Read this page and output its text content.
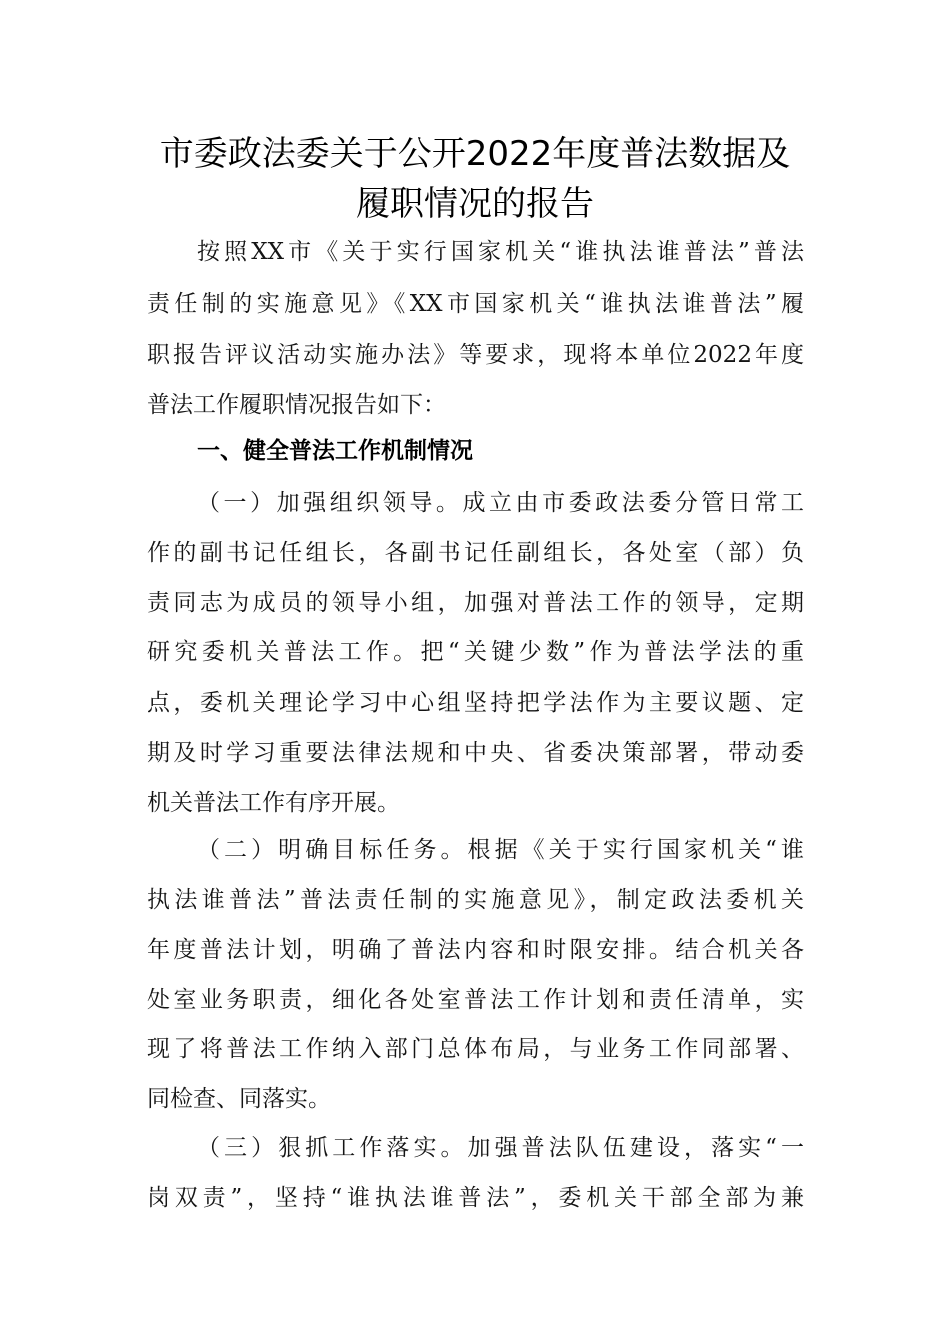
市委政法委关于公开2022年度普法数据及
履职情况的报告
按照XX市《关于实行国家机关“谁执法谁普法”普法
责任制的实施意见》《XX市国家机关“谁执法谁普法”履
职报告评议活动实施办法》等要求，现将本单位2022年度
普法工作履职情况报告如下：
一、健全普法工作机制情况
（一）加强组织领导。成立由市委政法委分管日常工
作的副书记任组长，各副书记任副组长，各处室（部）负
责同志为成员的领导小组，加强对普法工作的领导，定期
研究委机关普法工作。把“关键少数”作为普法学法的重
点，委机关理论学习中心组坚持把学法作为主要议题、定
期及时学习重要法律法规和中央、省委决策部署，带动委
机关普法工作有序开展。
（二）明确目标任务。根据《关于实行国家机关“谁
执法谁普法”普法责任制的实施意见》，制定政法委机关
年度普法计划，明确了普法内容和时限安排。结合机关各
处室业务职责，细化各处室普法工作计划和责任清单，实
现了将普法工作纳入部门总体布局，与业务工作同部署、
同检查、同落实。
（三）狠抓工作落实。加强普法队伍建设，落实“一
岗双责”，坚持“谁执法谁普法”，委机关干部全部为兼
